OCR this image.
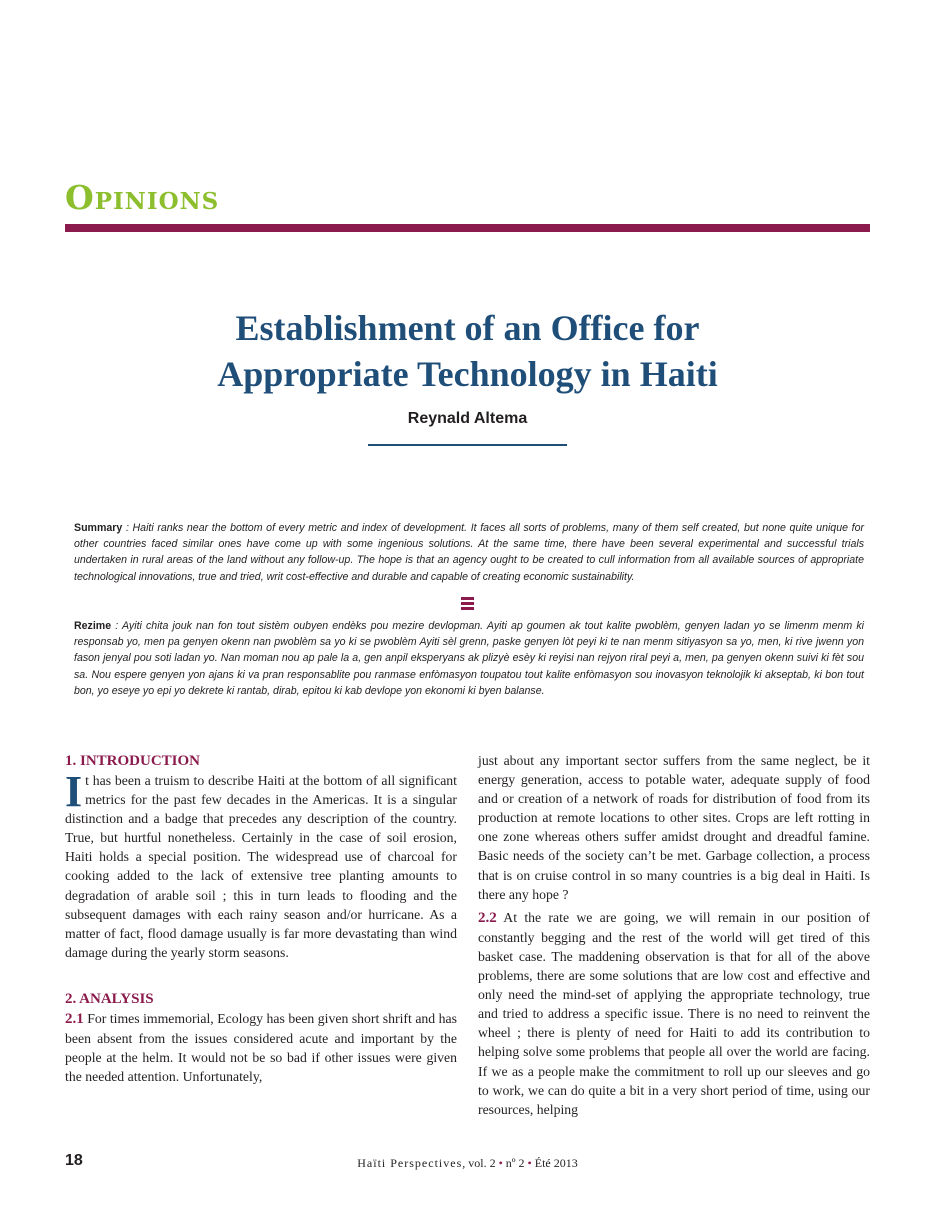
Opinions
Establishment of an Office for
Appropriate Technology in Haiti
Reynald Altema

Summary : Haiti ranks near the bottom of every metric and index of development. It faces all sorts of problems, many of them self created, but none quite unique for other countries faced similar ones have come up with some ingenious solutions. At the same time, there have been several experimental and successful trials undertaken in rural areas of the land without any follow-up. The hope is that an agency ought to be created to cull information from all available sources of appropriate technological innovations, true and tried, writ cost-effective and durable and capable of creating economic sustainability.

Rezime : Ayiti chita jouk nan fon tout sistèm oubyen endèks pou mezire devlopman. Ayiti ap goumen ak tout kalite pwoblèm, genyen ladan yo se limenm menm ki responsab yo, men pa genyen okenn nan pwoblèm sa yo ki se pwoblèm Ayiti sèl grenn, paske genyen lòt peyi ki te nan menm sitiyasyon sa yo, men, ki rive jwenn yon fason jenyal pou soti ladan yo. Nan moman nou ap pale la a, gen anpil eksperyans ak plizyè esèy ki reyisi nan rejyon riral peyi a, men, pa genyen okenn suivi ki fèt sou sa. Nou espere genyen yon ajans ki va pran responsablite pou ranmase enfòmasyon toupatou tout kalite enfòmasyon sou inovasyon teknolojik ki akseptab, ki bon tout bon, yo eseye yo epi yo dekrete ki rantab, dirab, epitou ki kab devlope yon ekonomi ki byen balanse.

1. INTRODUCTION

It has been a truism to describe Haiti at the bottom of all significant metrics for the past few decades in the Americas. It is a singular distinction and a badge that precedes any description of the country. True, but hurtful nonetheless. Certainly in the case of soil erosion, Haiti holds a special position. The widespread use of charcoal for cooking added to the lack of extensive tree planting amounts to degradation of arable soil ; this in turn leads to flooding and the subsequent damages with each rainy season and/or hurricane. As a matter of fact, flood damage usually is far more devastating than wind damage during the yearly storm seasons.

2. ANALYSIS

2.1 For times immemorial, Ecology has been given short shrift and has been absent from the issues considered acute and important by the people at the helm. It would not be so bad if other issues were given the needed attention. Unfortunately,

just about any important sector suffers from the same neglect, be it energy generation, access to potable water, adequate supply of food and or creation of a network of roads for distribution of food from its production at remote locations to other sites. Crops are left rotting in one zone whereas others suffer amidst drought and dreadful famine. Basic needs of the society can’t be met. Garbage collection, a process that is on cruise control in so many countries is a big deal in Haiti. Is there any hope ?

2.2 At the rate we are going, we will remain in our position of constantly begging and the rest of the world will get tired of this basket case. The maddening observation is that for all of the above problems, there are some solutions that are low cost and effective and only need the mind-set of applying the appropriate technology, true and tried to address a specific issue. There is no need to reinvent the wheel ; there is plenty of need for Haiti to add its contribution to helping solve some problems that people all over the world are facing. If we as a people make the commitment to roll up our sleeves and go to work, we can do quite a bit in a very short period of time, using our resources, helping

18	Haïti Perspectives, vol. 2 • nº 2 • Été 2013
